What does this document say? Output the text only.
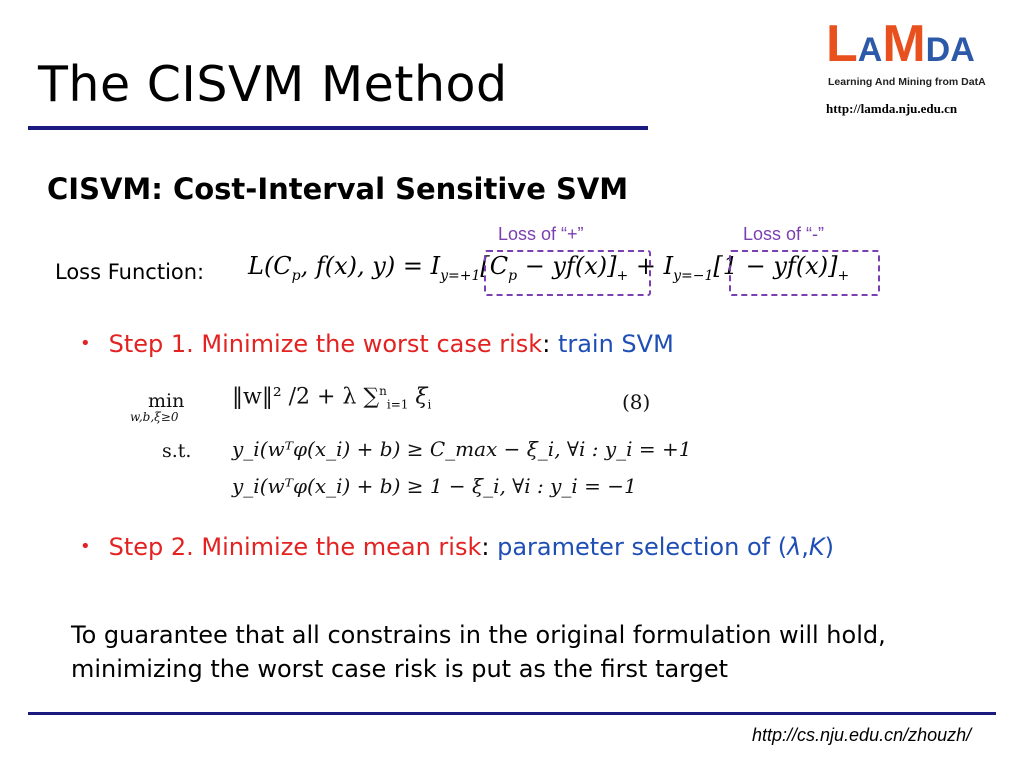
The CISVM Method
LAMDA
Learning And Mining from DatA
http://lamda.nju.edu.cn
CISVM: Cost-Interval Sensitive SVM
Loss of “+”	Loss of “-”
Loss Function: $L(C_p$, f(x), $y) = I_{y=+1}[C_p - yf(x)]_+ + I_{y=-1}[1 - yf(x)]_+$
• Step 1. Minimize the worst case risk: train SVM
min
w,b,ξ≥0
‖w‖² /2 + λ ∑$^n_{i=1}$ $\xi_i$	(8)
s.t. y_i(wᵀφ(x_i) + b) ≥ C_max − ξ_i, ∀i : y_i = +1
y_i(wᵀφ(x_i) + b) ≥ 1 − ξ_i, ∀i : y_i = −1
• Step 2. Minimize the mean risk: parameter selection of (λ,K)

To guarantee that all constrains in the original formulation will hold, minimizing the worst case risk is put as the first target

http://cs.nju.edu.cn/zhouzh/
